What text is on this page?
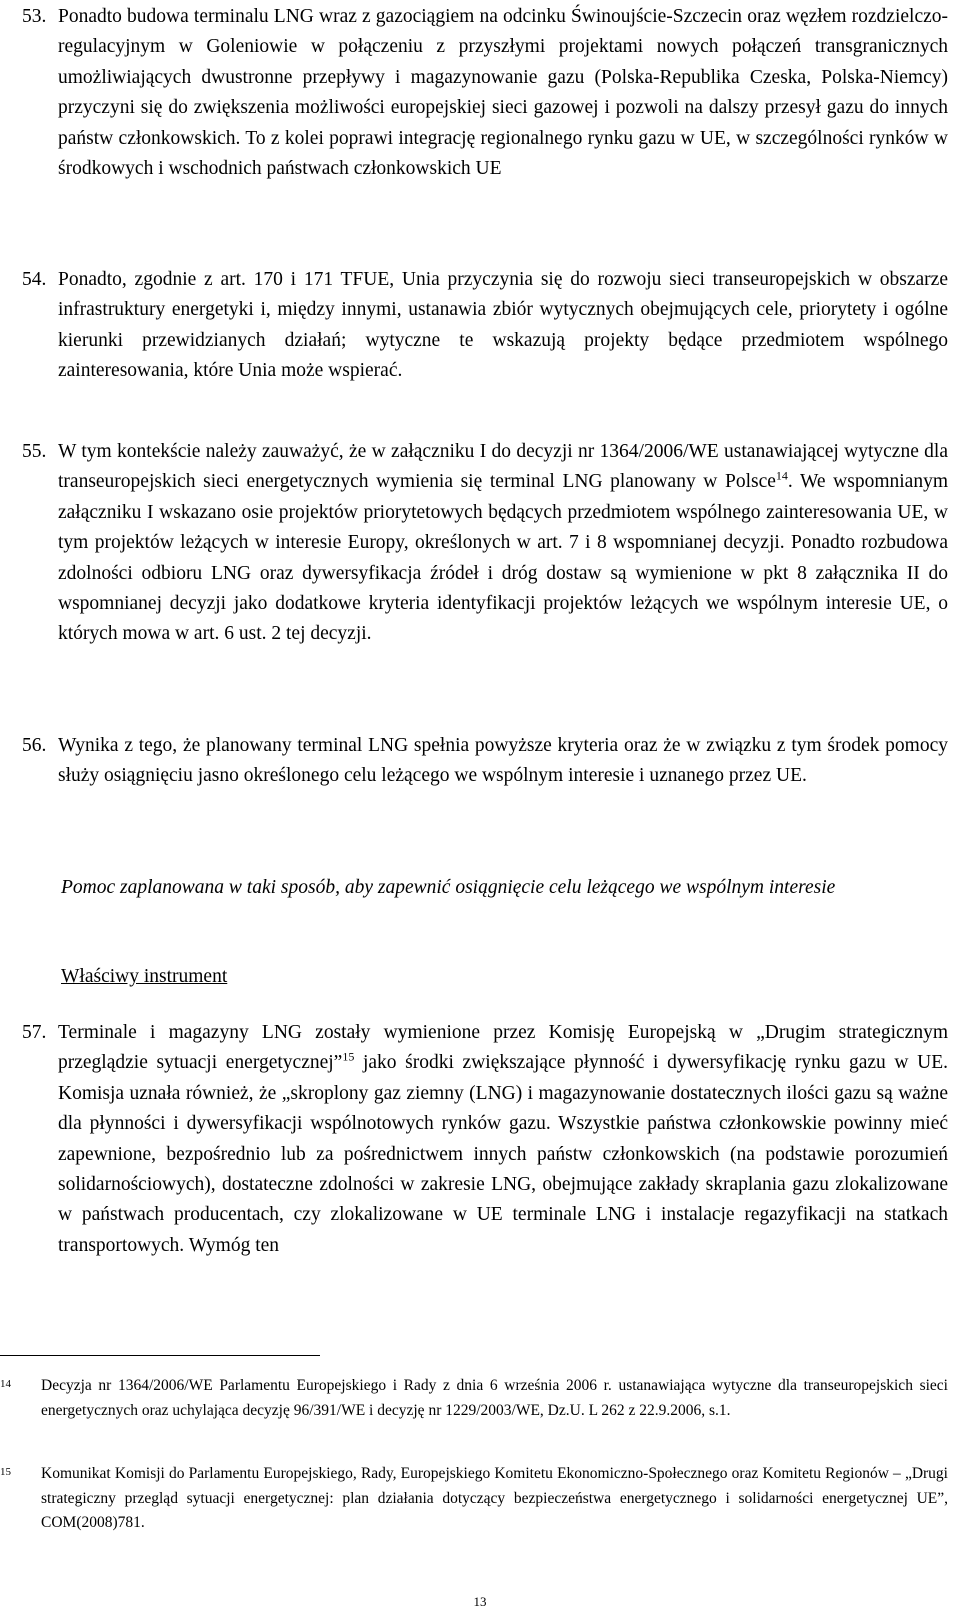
53. Ponadto budowa terminalu LNG wraz z gazociągiem na odcinku Świnoujście-Szczecin oraz węzłem rozdzielczo-regulacyjnym w Goleniowie w połączeniu z przyszłymi projektami nowych połączeń transgranicznych umożliwiających dwustronne przepływy i magazynowanie gazu (Polska-Republika Czeska, Polska-Niemcy) przyczyni się do zwiększenia możliwości europejskiej sieci gazowej i pozwoli na dalszy przesył gazu do innych państw członkowskich. To z kolei poprawi integrację regionalnego rynku gazu w UE, w szczególności rynków w środkowych i wschodnich państwach członkowskich UE
54. Ponadto, zgodnie z art. 170 i 171 TFUE, Unia przyczynia się do rozwoju sieci transeuropejskich w obszarze infrastruktury energetyki i, między innymi, ustanawia zbiór wytycznych obejmujących cele, priorytety i ogólne kierunki przewidzianych działań; wytyczne te wskazują projekty będące przedmiotem wspólnego zainteresowania, które Unia może wspierać.
55. W tym kontekście należy zauważyć, że w załączniku I do decyzji nr 1364/2006/WE ustanawiającej wytyczne dla transeuropejskich sieci energetycznych wymienia się terminal LNG planowany w Polsce$^{14}$. We wspomnianym załączniku I wskazano osie projektów priorytetowych będących przedmiotem wspólnego zainteresowania UE, w tym projektów leżących w interesie Europy, określonych w art. 7 i 8 wspomnianej decyzji. Ponadto rozbudowa zdolności odbioru LNG oraz dywersyfikacja źródeł i dróg dostaw są wymienione w pkt 8 załącznika II do wspomnianej decyzji jako dodatkowe kryteria identyfikacji projektów leżących we wspólnym interesie UE, o których mowa w art. 6 ust. 2 tej decyzji.
56. Wynika z tego, że planowany terminal LNG spełnia powyższe kryteria oraz że w związku z tym środek pomocy służy osiągnięciu jasno określonego celu leżącego we wspólnym interesie i uznanego przez UE.
Pomoc zaplanowana w taki sposób, aby zapewnić osiągnięcie celu leżącego we wspólnym interesie
Właściwy instrument
57. Terminale i magazyny LNG zostały wymienione przez Komisję Europejską w „Drugim strategicznym przeglądzie sytuacji energetycznej”$^{15}$ jako środki zwiększające płynność i dywersyfikację rynku gazu w UE. Komisja uznała również, że „skroplony gaz ziemny (LNG) i magazynowanie dostatecznych ilości gazu są ważne dla płynności i dywersyfikacji wspólnotowych rynków gazu. Wszystkie państwa członkowskie powinny mieć zapewnione, bezpośrednio lub za pośrednictwem innych państw członkowskich (na podstawie porozumień solidarnościowych), dostateczne zdolności w zakresie LNG, obejmujące zakłady skraplania gazu zlokalizowane w państwach producentach, czy zlokalizowane w UE terminale LNG i instalacje regazyfikacji na statkach transportowych. Wymóg ten
14 Decyzja nr 1364/2006/WE Parlamentu Europejskiego i Rady z dnia 6 września 2006 r. ustanawiająca wytyczne dla transeuropejskich sieci energetycznych oraz uchylająca decyzję 96/391/WE i decyzję nr 1229/2003/WE, Dz.U. L 262 z 22.9.2006, s.1.
15 Komunikat Komisji do Parlamentu Europejskiego, Rady, Europejskiego Komitetu Ekonomiczno-Społecznego oraz Komitetu Regionów – „Drugi strategiczny przegląd sytuacji energetycznej: plan działania dotyczący bezpieczeństwa energetycznego i solidarności energetycznej UE”, COM(2008)781.
13
